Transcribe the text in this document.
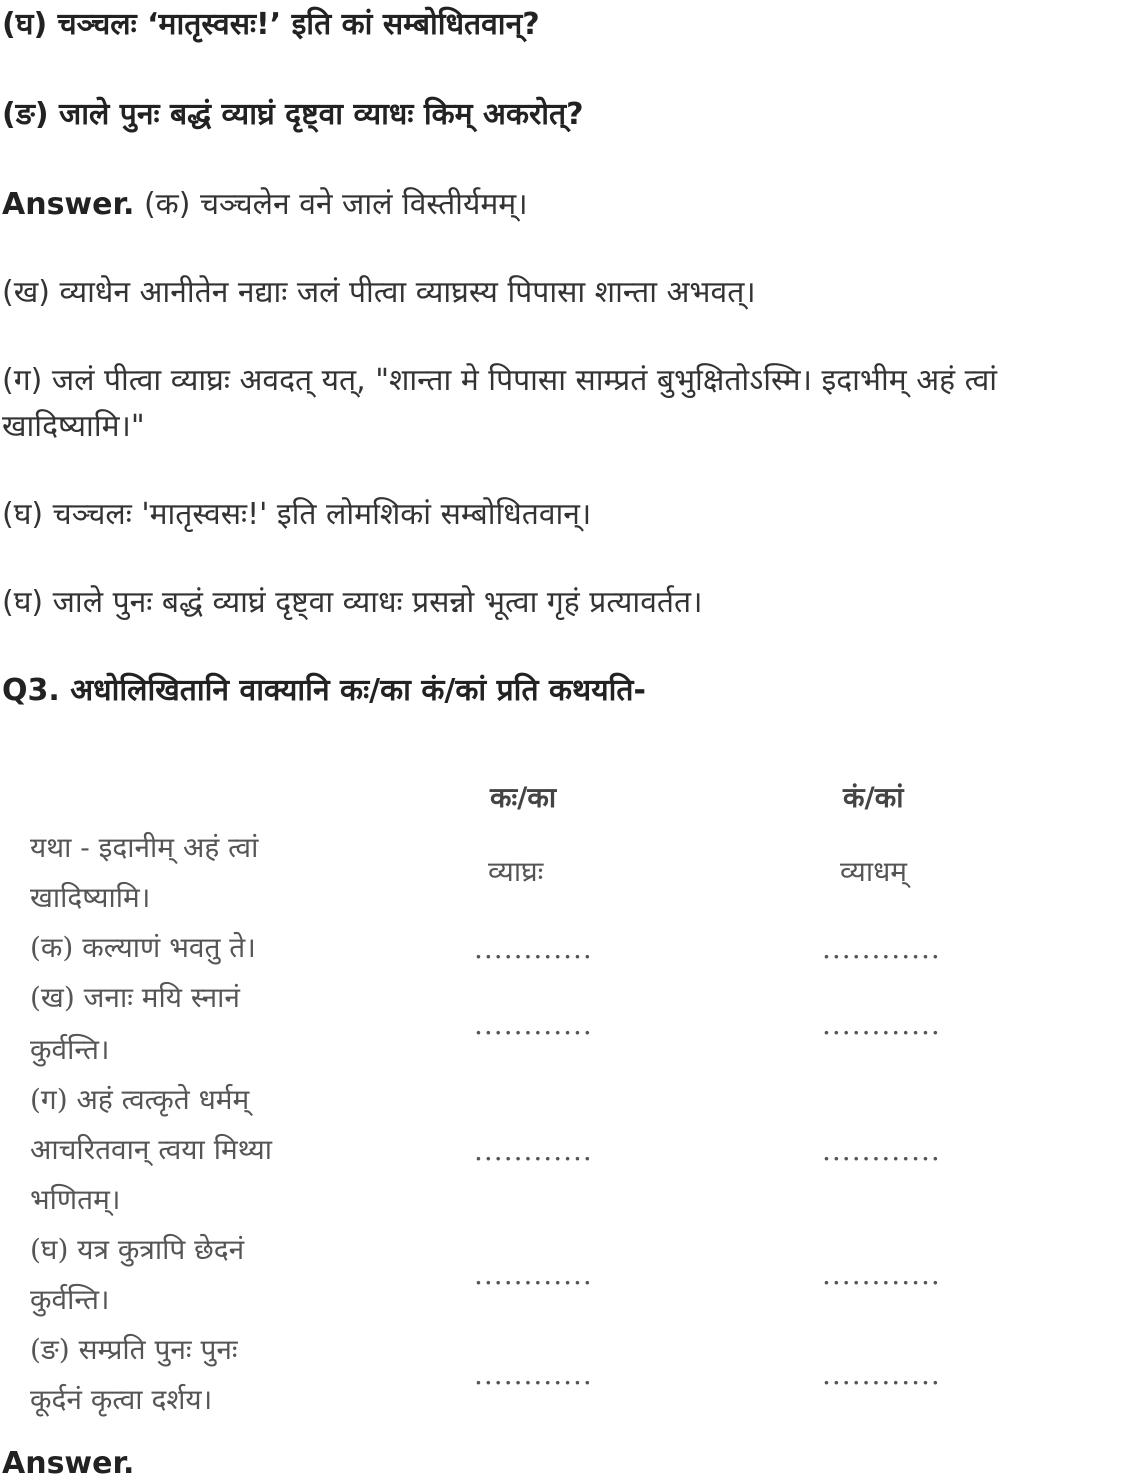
(घ) चञ्चलः ‘मातृस्वसः!’ इति कां सम्बोधितवान्?
(ङ) जाले पुनः बद्धं व्याघ्रं दृष्ट्वा व्याधः किम् अकरोत्?
Answer. (क) चञ्चलेन वने जालं विस्तीर्यमम्।
(ख) व्याधेन आनीतेन नद्याः जलं पीत्वा व्याघ्रस्य पिपासा शान्ता अभवत्।
(ग) जलं पीत्वा व्याघ्रः अवदत् यत्, "शान्ता मे पिपासा साम्प्रतं बुभुक्षितोऽस्मि। इदाभीम् अहं त्वां
खादिष्यामि।"
(घ) चञ्चलः 'मातृस्वसः!' इति लोमशिकां सम्बोधितवान्।
(घ) जाले पुनः बद्धं व्याघ्रं दृष्ट्वा व्याधः प्रसन्नो भूत्वा गृहं प्रत्यावर्तत।
Q3. अधोलिखितानि वाक्यानि कः/का कं/कां प्रति कथयति-
कः/का	कं/कां
यथा - इदानीम् अहं त्वां
खादिष्यामि।
व्याघ्रः	व्याधम्
(क) कल्याणं भवतु ते।	............	............
(ख) जनाः मयि स्नानं
कुर्वन्ति।
............	............
(ग) अहं त्वत्कृते धर्मम्
आचरितवान् त्वया मिथ्या
भणितम्।
............	............
(घ) यत्र कुत्रापि छेदनं
कुर्वन्ति।
............	............
(ङ) सम्प्रति पुनः पुनः
कूर्दनं कृत्वा दर्शय।
............	............
Answer.
